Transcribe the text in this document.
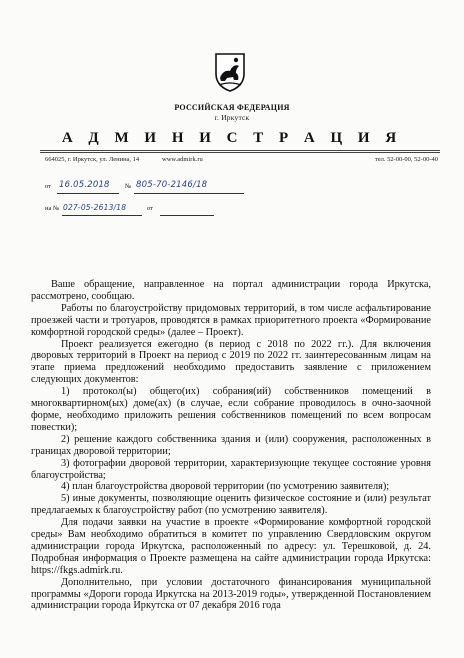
РОССИЙСКАЯ ФЕДЕРАЦИЯ
г. Иркутск
А Д М И Н И С Т Р А Ц И Я
664025, г. Иркутск, ул. Ленина, 14	www.admirk.ru	тел. 52-00-00, 52-00-40
от 16.05.2018 № 805-70-2146/18
на № 027-05-2613/18	от

Ваше обращение, направленное на портал администрации города Иркутска, рассмотрено, сообщаю.

Работы по благоустройству придомовых территорий, в том числе асфальтирование проезжей части и тротуаров, проводятся в рамках приоритетного проекта «Формирование комфортной городской среды» (далее – Проект).

Проект реализуется ежегодно (в период с 2018 по 2022 гг.). Для включения дворовых территорий в Проект на период с 2019 по 2022 гг. заинтересованным лицам на этапе приема предложений необходимо предоставить заявление с приложением следующих документов:

1) протокол(ы) общего(их) собрания(ий) собственников помещений в многоквартирном(ых) доме(ах) (в случае, если собрание проводилось в очно-заочной форме, необходимо приложить решения собственников помещений по всем вопросам повестки);

2) решение каждого собственника здания и (или) сооружения, расположенных в границах дворовой территории;

3) фотографии дворовой территории, характеризующие текущее состояние уровня благоустройства;

4) план благоустройства дворовой территории (по усмотрению заявителя);

5) иные документы, позволяющие оценить физическое состояние и (или) результат предлагаемых к благоустройству работ (по усмотрению заявителя).

Для подачи заявки на участие в проекте «Формирование комфортной городской среды» Вам необходимо обратиться в комитет по управлению Свердловским округом администрации города Иркутска, расположенный по адресу: ул. Терешковой, д. 24. Подробная информация о Проекте размещена на сайте администрации города Иркутска: https://fkgs.admirk.ru.

Дополнительно, при условии достаточного финансирования муниципальной программы «Дороги города Иркутска на 2013-2019 годы», утвержденной Постановлением администрации города Иркутска от 07 декабря 2016 года
